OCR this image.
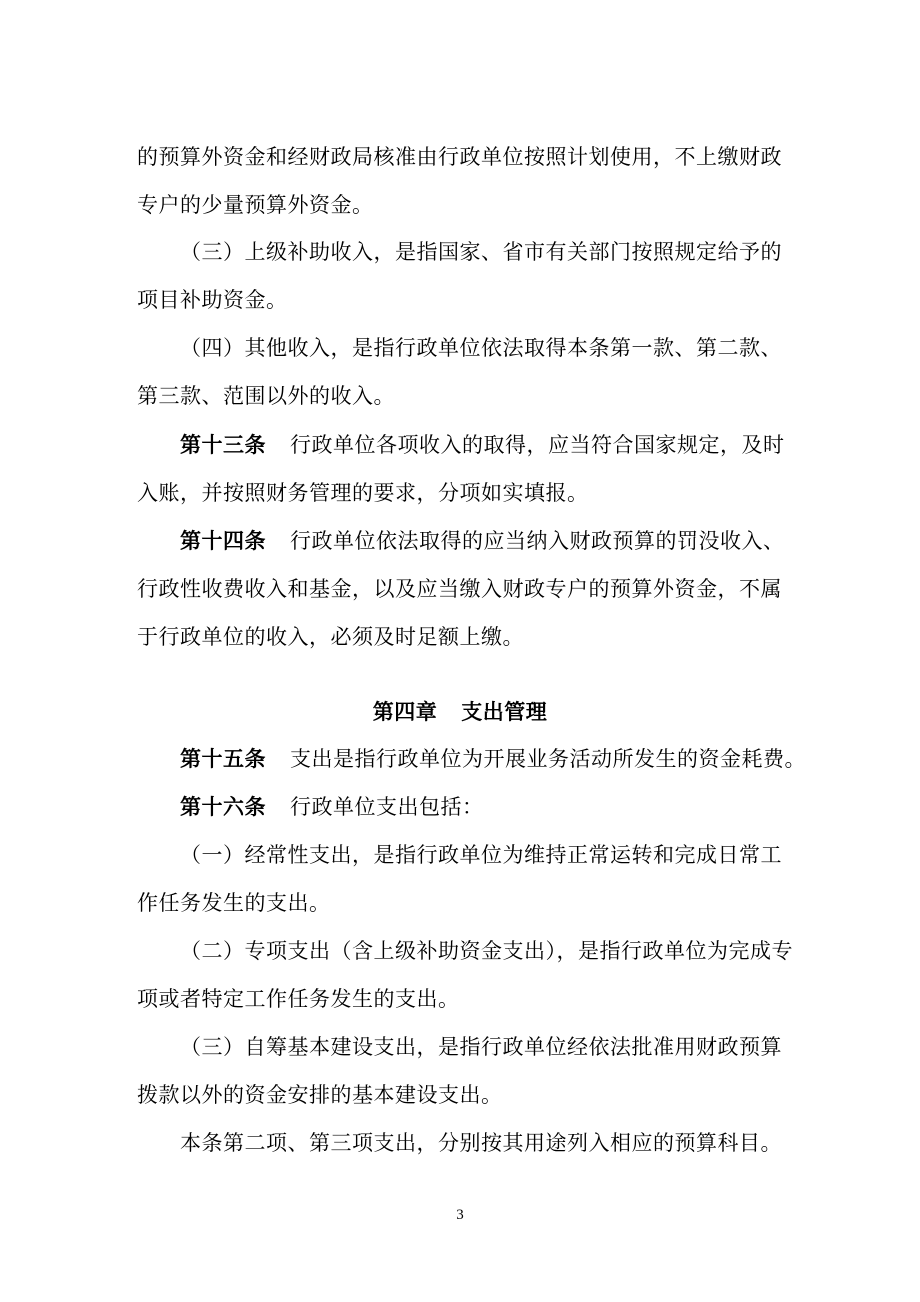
的预算外资金和经财政局核准由行政单位按照计划使用，不上缴财政
专户的少量预算外资金。
（三）上级补助收入，是指国家、省市有关部门按照规定给予的
项目补助资金。
（四）其他收入，是指行政单位依法取得本条第一款、第二款、
第三款、范围以外的收入。
第十三条 行政单位各项收入的取得，应当符合国家规定，及时
入账，并按照财务管理的要求，分项如实填报。
第十四条 行政单位依法取得的应当纳入财政预算的罚没收入、
行政性收费收入和基金，以及应当缴入财政专户的预算外资金，不属
于行政单位的收入，必须及时足额上缴。
第四章 支出管理
第十五条 支出是指行政单位为开展业务活动所发生的资金耗费。
第十六条 行政单位支出包括：
（一）经常性支出，是指行政单位为维持正常运转和完成日常工
作任务发生的支出。
（二）专项支出（含上级补助资金支出），是指行政单位为完成专
项或者特定工作任务发生的支出。
（三）自筹基本建设支出，是指行政单位经依法批准用财政预算
拨款以外的资金安排的基本建设支出。
本条第二项、第三项支出，分别按其用途列入相应的预算科目。
3
